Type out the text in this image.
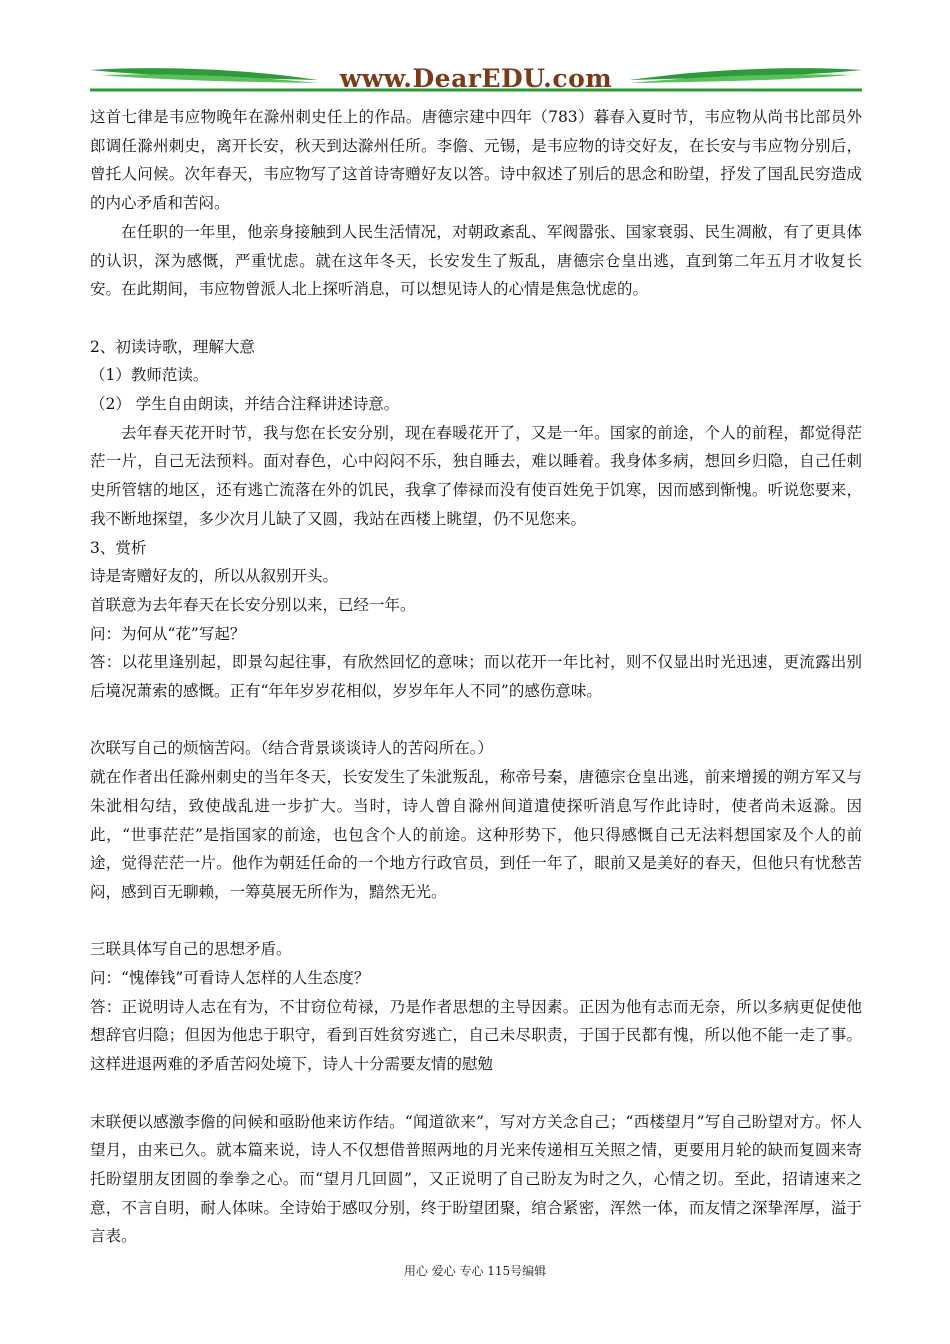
www.DearEDU.com

这首七律是韦应物晚年在滁州刺史任上的作品。唐德宗建中四年（783）暮春入夏时节，韦应物从尚书比部员外郎调任滁州刺史，离开长安，秋天到达滁州任所。李儋、元锡，是韦应物的诗交好友，在长安与韦应物分别后，曾托人问候。次年春天，韦应物写了这首诗寄赠好友以答。诗中叙述了别后的思念和盼望，抒发了国乱民穷造成的内心矛盾和苦闷。

在任职的一年里，他亲身接触到人民生活情况，对朝政紊乱、军阀嚣张、国家衰弱、民生凋敝，有了更具体的认识，深为感慨，严重忧虑。就在这年冬天，长安发生了叛乱，唐德宗仓皇出逃，直到第二年五月才收复长安。在此期间，韦应物曾派人北上探听消息，可以想见诗人的心情是焦急忧虑的。

2、初读诗歌，理解大意

（1）教师范读。

（2） 学生自由朗读，并结合注释讲述诗意。

去年春天花开时节，我与您在长安分别，现在春暖花开了，又是一年。国家的前途，个人的前程，都觉得茫茫一片，自己无法预料。面对春色，心中闷闷不乐，独自睡去，难以睡着。我身体多病，想回乡归隐，自己任刺史所管辖的地区，还有逃亡流落在外的饥民，我拿了俸禄而没有使百姓免于饥寒，因而感到惭愧。听说您要来，我不断地探望，多少次月儿缺了又圆，我站在西楼上眺望，仍不见您来。

3、赏析

诗是寄赠好友的，所以从叙别开头。

首联意为去年春天在长安分别以来，已经一年。

问：为何从“花”写起？

答：以花里逢别起，即景勾起往事，有欣然回忆的意味；而以花开一年比衬，则不仅显出时光迅速，更流露出别后境况萧索的感慨。正有“年年岁岁花相似，岁岁年年人不同”的感伤意味。

次联写自己的烦恼苦闷。（结合背景谈谈诗人的苦闷所在。）

就在作者出任滁州刺史的当年冬天，长安发生了朱泚叛乱，称帝号秦，唐德宗仓皇出逃，前来增援的朔方军又与朱泚相勾结，致使战乱进一步扩大。当时，诗人曾自滁州间道遣使探听消息写作此诗时，使者尚未返滁。因此，“世事茫茫”是指国家的前途，也包含个人的前途。这种形势下，他只得感慨自己无法料想国家及个人的前途，觉得茫茫一片。他作为朝廷任命的一个地方行政官员，到任一年了，眼前又是美好的春天，但他只有忧愁苦闷，感到百无聊赖，一筹莫展无所作为，黯然无光。

三联具体写自己的思想矛盾。

问：“愧俸钱”可看诗人怎样的人生态度？

答：正说明诗人志在有为，不甘窃位苟禄，乃是作者思想的主导因素。正因为他有志而无奈，所以多病更促使他想辞官归隐；但因为他忠于职守，看到百姓贫穷逃亡，自己未尽职责，于国于民都有愧，所以他不能一走了事。这样进退两难的矛盾苦闷处境下，诗人十分需要友情的慰勉

末联便以感激李儋的问候和亟盼他来访作结。“闻道欲来”，写对方关念自己；“西楼望月”写自己盼望对方。怀人望月，由来已久。就本篇来说，诗人不仅想借普照两地的月光来传递相互关照之情，更要用月轮的缺而复圆来寄托盼望朋友团圆的拳拳之心。而“望月几回圆”，又正说明了自己盼友为时之久，心情之切。至此，招请速来之意，不言自明，耐人体味。全诗始于感叹分别，终于盼望团聚，绾合紧密，浑然一体，而友情之深挚浑厚，溢于言表。

用心 爱心 专心 115号编辑
